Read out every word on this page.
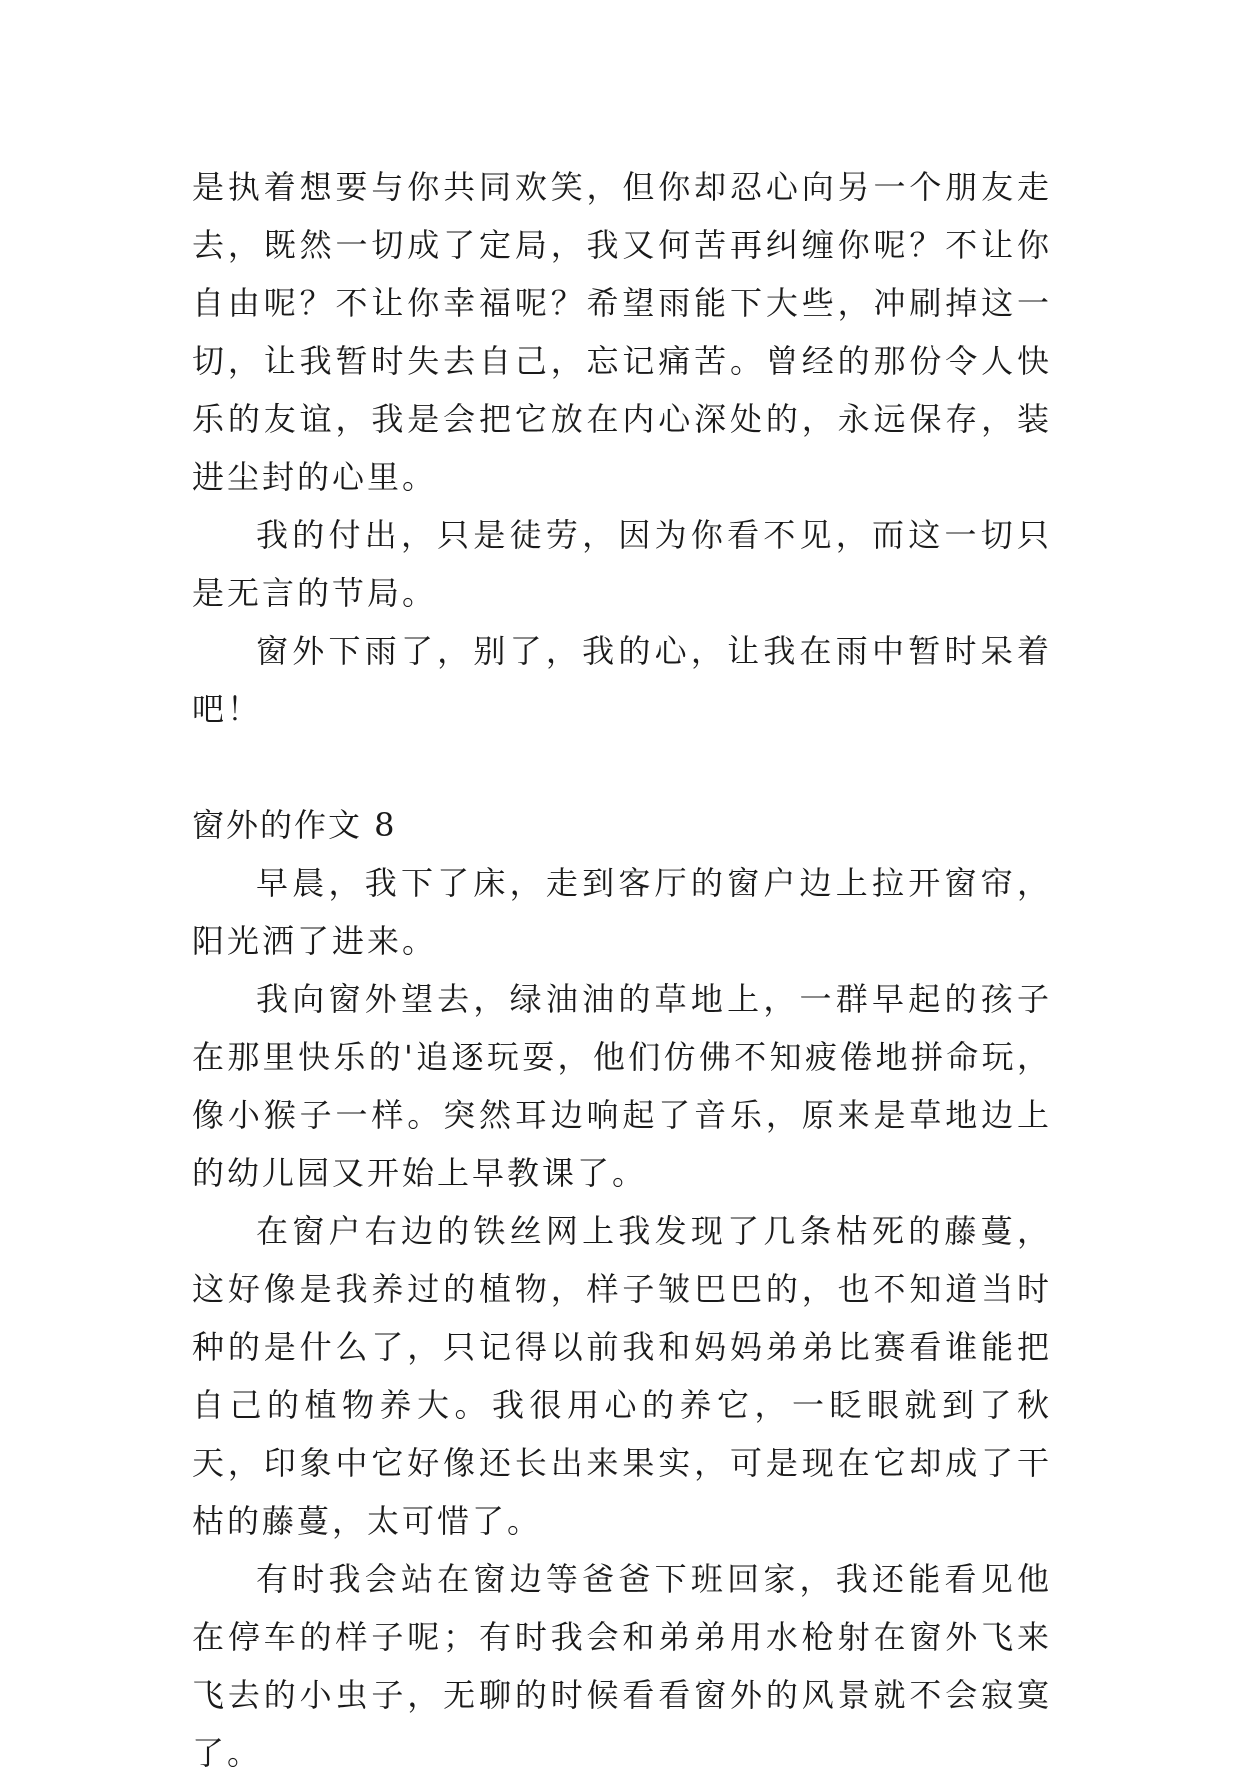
是执着想要与你共同欢笑，但你却忍心向另一个朋友走去，既然一切成了定局，我又何苦再纠缠你呢？不让你自由呢？不让你幸福呢？希望雨能下大些，冲刷掉这一切，让我暂时失去自己，忘记痛苦。曾经的那份令人快乐的友谊，我是会把它放在内心深处的，永远保存，装进尘封的心里。

我的付出，只是徒劳，因为你看不见，而这一切只是无言的节局。

窗外下雨了，别了，我的心，让我在雨中暂时呆着吧！

窗外的作文 8

早晨，我下了床，走到客厅的窗户边上拉开窗帘，阳光洒了进来。

我向窗外望去，绿油油的草地上，一群早起的孩子在那里快乐的'追逐玩耍，他们仿佛不知疲倦地拼命玩，像小猴子一样。突然耳边响起了音乐，原来是草地边上的幼儿园又开始上早教课了。

在窗户右边的铁丝网上我发现了几条枯死的藤蔓，这好像是我养过的植物，样子皱巴巴的，也不知道当时种的是什么了，只记得以前我和妈妈弟弟比赛看谁能把自己的植物养大。我很用心的养它，一眨眼就到了秋天，印象中它好像还长出来果实，可是现在它却成了干枯的藤蔓，太可惜了。

有时我会站在窗边等爸爸下班回家，我还能看见他在停车的样子呢；有时我会和弟弟用水枪射在窗外飞来飞去的小虫子，无聊的时候看看窗外的风景就不会寂寞了。
